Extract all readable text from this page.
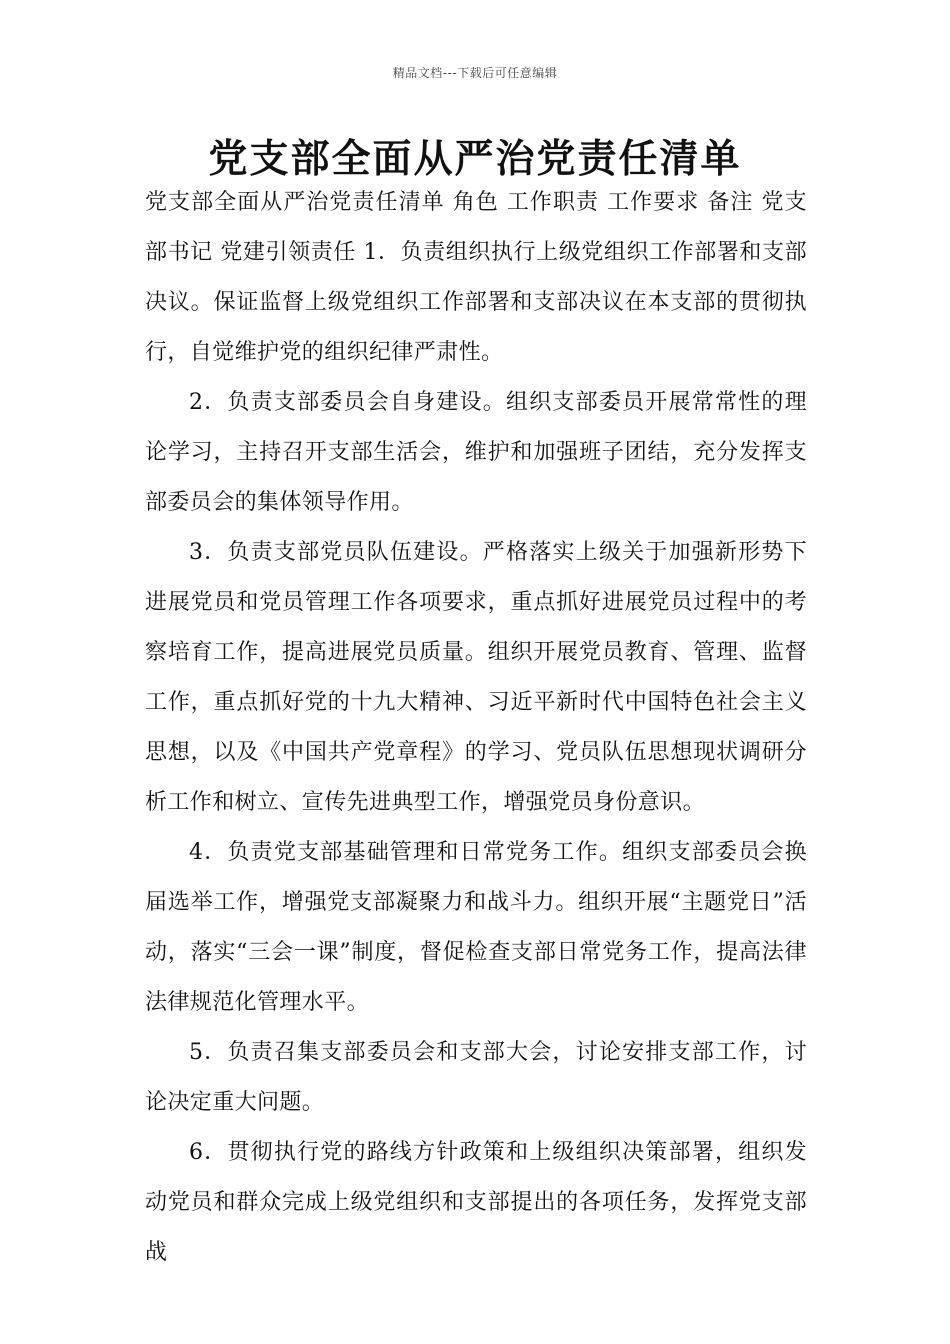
精品文档---下载后可任意编辑
党支部全面从严治党责任清单

党支部全面从严治党责任清单 角色 工作职责 工作要求 备注 党支部书记 党建引领责任 1．负责组织执行上级党组织工作部署和支部决议。保证监督上级党组织工作部署和支部决议在本支部的贯彻执行，自觉维护党的组织纪律严肃性。

2．负责支部委员会自身建设。组织支部委员开展常常性的理论学习，主持召开支部生活会，维护和加强班子团结，充分发挥支部委员会的集体领导作用。

3．负责支部党员队伍建设。严格落实上级关于加强新形势下进展党员和党员管理工作各项要求，重点抓好进展党员过程中的考察培育工作，提高进展党员质量。组织开展党员教育、管理、监督工作，重点抓好党的十九大精神、习近平新时代中国特色社会主义思想，以及《中国共产党章程》的学习、党员队伍思想现状调研分析工作和树立、宣传先进典型工作，增强党员身份意识。

4．负责党支部基础管理和日常党务工作。组织支部委员会换届选举工作，增强党支部凝聚力和战斗力。组织开展“主题党日”活动，落实“三会一课”制度，督促检查支部日常党务工作，提高法律法律规范化管理水平。

5．负责召集支部委员会和支部大会，讨论安排支部工作，讨论决定重大问题。

6．贯彻执行党的路线方针政策和上级组织决策部署，组织发动党员和群众完成上级党组织和支部提出的各项任务，发挥党支部战
